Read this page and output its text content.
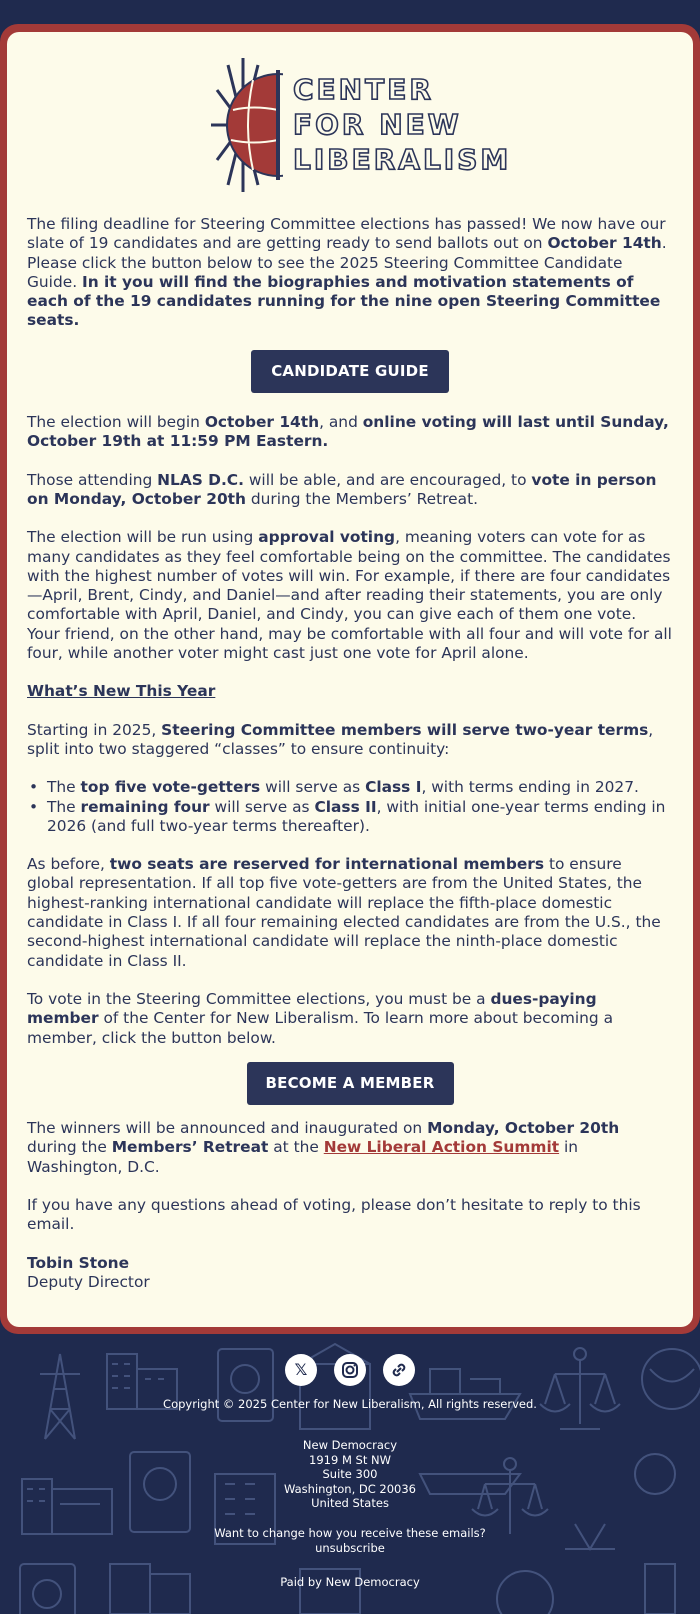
CENTER
FOR NEW
LIBERALISM

The filing deadline for Steering Committee elections has passed! We now have our slate of 19 candidates and are getting ready to send ballots out on October 14th. Please click the button below to see the 2025 Steering Committee Candidate Guide. In it you will find the biographies and motivation statements of each of the 19 candidates running for the nine open Steering Committee seats.

CANDIDATE GUIDE

The election will begin October 14th, and online voting will last until Sunday, October 19th at 11:59 PM Eastern.

Those attending NLAS D.C. will be able, and are encouraged, to vote in person on Monday, October 20th during the Members’ Retreat.

The election will be run using approval voting, meaning voters can vote for as many candidates as they feel comfortable being on the committee. The candidates with the highest number of votes will win. For example, if there are four candidates—April, Brent, Cindy, and Daniel—and after reading their statements, you are only comfortable with April, Daniel, and Cindy, you can give each of them one vote. Your friend, on the other hand, may be comfortable with all four and will vote for all four, while another voter might cast just one vote for April alone.

What’s New This Year

Starting in 2025, Steering Committee members will serve two-year terms, split into two staggered “classes” to ensure continuity:

• The top five vote-getters will serve as Class I, with terms ending in 2027.
• The remaining four will serve as Class II, with initial one-year terms ending in 2026 (and full two-year terms thereafter).

As before, two seats are reserved for international members to ensure global representation. If all top five vote-getters are from the United States, the highest-ranking international candidate will replace the fifth-place domestic candidate in Class I. If all four remaining elected candidates are from the U.S., the second-highest international candidate will replace the ninth-place domestic candidate in Class II.

To vote in the Steering Committee elections, you must be a dues-paying member of the Center for New Liberalism. To learn more about becoming a member, click the button below.

BECOME A MEMBER

The winners will be announced and inaugurated on Monday, October 20th during the Members’ Retreat at the New Liberal Action Summit in Washington, D.C.

If you have any questions ahead of voting, please don’t hesitate to reply to this email.

Tobin Stone

Deputy Director

𝕏
Copyright © 2025 Center for New Liberalism, All rights reserved.
New Democracy
1919 M St NW
Suite 300
Washington, DC 20036
United States
Want to change how you receive these emails?
unsubscribe
Paid by New Democracy
